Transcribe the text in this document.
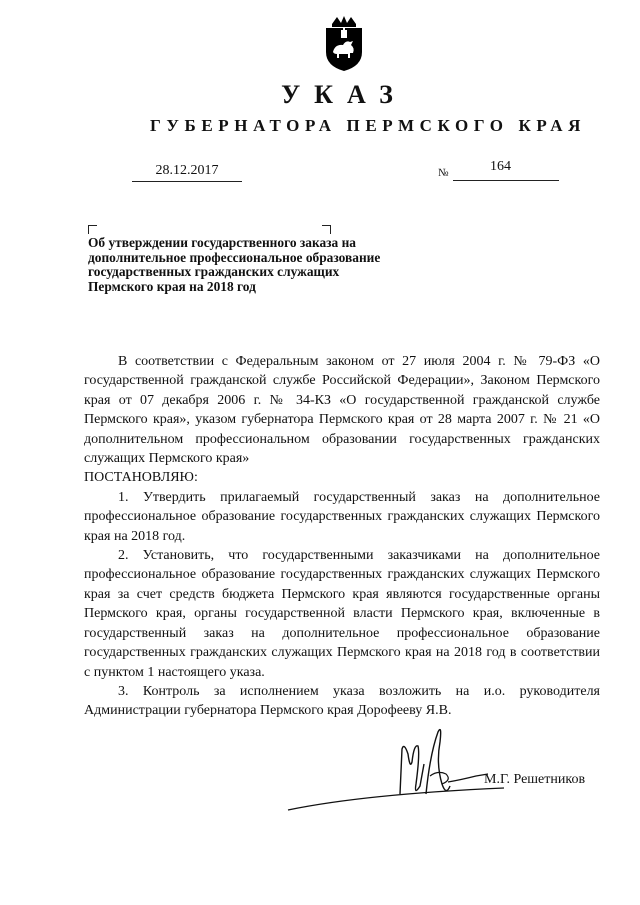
УКАЗ
ГУБЕРНАТОРА ПЕРМСКОГО КРАЯ
28.12.2017	№	164
Об утверждении государственного заказа на дополнительное профессиональное образование государственных гражданских служащих Пермского края на 2018 год

В соответствии с Федеральным законом от 27 июля 2004 г. № 79-ФЗ «О государственной гражданской службе Российской Федерации», Законом Пермского края от 07 декабря 2006 г. № 34-КЗ «О государственной гражданской службе Пермского края», указом губернатора Пермского края от 28 марта 2007 г. № 21 «О дополнительном профессиональном образовании государственных гражданских служащих Пермского края»

ПОСТАНОВЛЯЮ:

1. Утвердить прилагаемый государственный заказ на дополнительное профессиональное образование государственных гражданских служащих Пермского края на 2018 год.

2. Установить, что государственными заказчиками на дополнительное профессиональное образование государственных гражданских служащих Пермского края за счет средств бюджета Пермского края являются государственные органы Пермского края, органы государственной власти Пермского края, включенные в государственный заказ на дополнительное профессиональное образование государственных гражданских служащих Пермского края на 2018 год в соответствии с пунктом 1 настоящего указа.

3. Контроль за исполнением указа возложить на и.о. руководителя Администрации губернатора Пермского края Дорофееву Я.В.

М.Г. Решетников
